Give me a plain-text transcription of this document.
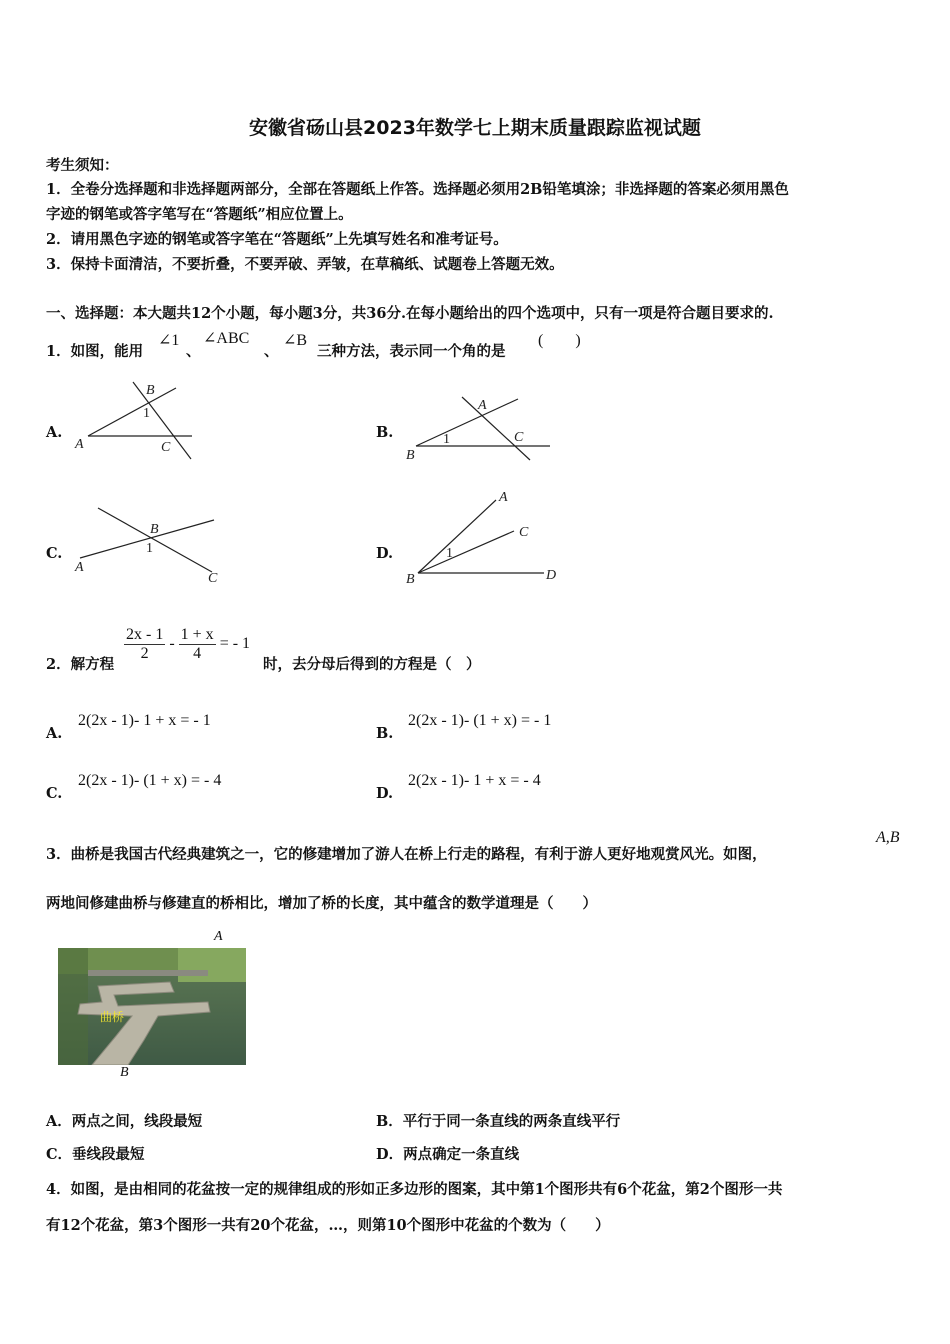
安徽省砀山县2023年数学七上期末质量跟踪监视试题
考生须知：
1．全卷分选择题和非选择题两部分，全部在答题纸上作答。选择题必须用2B铅笔填涂；非选择题的答案必须用黑色
字迹的钢笔或答字笔写在“答题纸”相应位置上。
2．请用黑色字迹的钢笔或答字笔在“答题纸”上先填写姓名和准考证号。
3．保持卡面清洁，不要折叠，不要弄破、弄皱，在草稿纸、试题卷上答题无效。
一、选择题：本大题共12个小题，每小题3分，共36分.在每小题给出的四个选项中，只有一项是符合题目要求的.
1．如图，能用
∠1
、
∠ABC
、
∠B
三种方法，表示同一个角的是
(　　)
A.	B.
C.	D.
A
B
1
C
B
A
1	C
A
B
1
C	B
A
C
D
1
2．解方程
$\frac{2x - 1}{2} - \frac{1 + x}{4}$ = - 1
时，去分母后得到的方程是（　）
A.
2(2x - 1)- 1 + x = - 1
B.
2(2x - 1)- (1 + x) = - 1
C.
2(2x - 1)- (1 + x) = - 4
D.
2(2x - 1)- 1 + x = - 4
3．曲桥是我国古代经典建筑之一，它的修建增加了游人在桥上行走的路程，有利于游人更好地观赏风光。如图，
A,B
两地间修建曲桥与修建直的桥相比，增加了桥的长度，其中蕴含的数学道理是（　　）
A
曲桥
B
A．两点之间，线段最短	B．平行于同一条直线的两条直线平行
C．垂线段最短	D．两点确定一条直线
4．如图，是由相同的花盆按一定的规律组成的形如正多边形的图案，其中第1个图形共有6个花盆，第2个图形一共
有12个花盆，第3个图形一共有20个花盆，…，则第10个图形中花盆的个数为（　　）
